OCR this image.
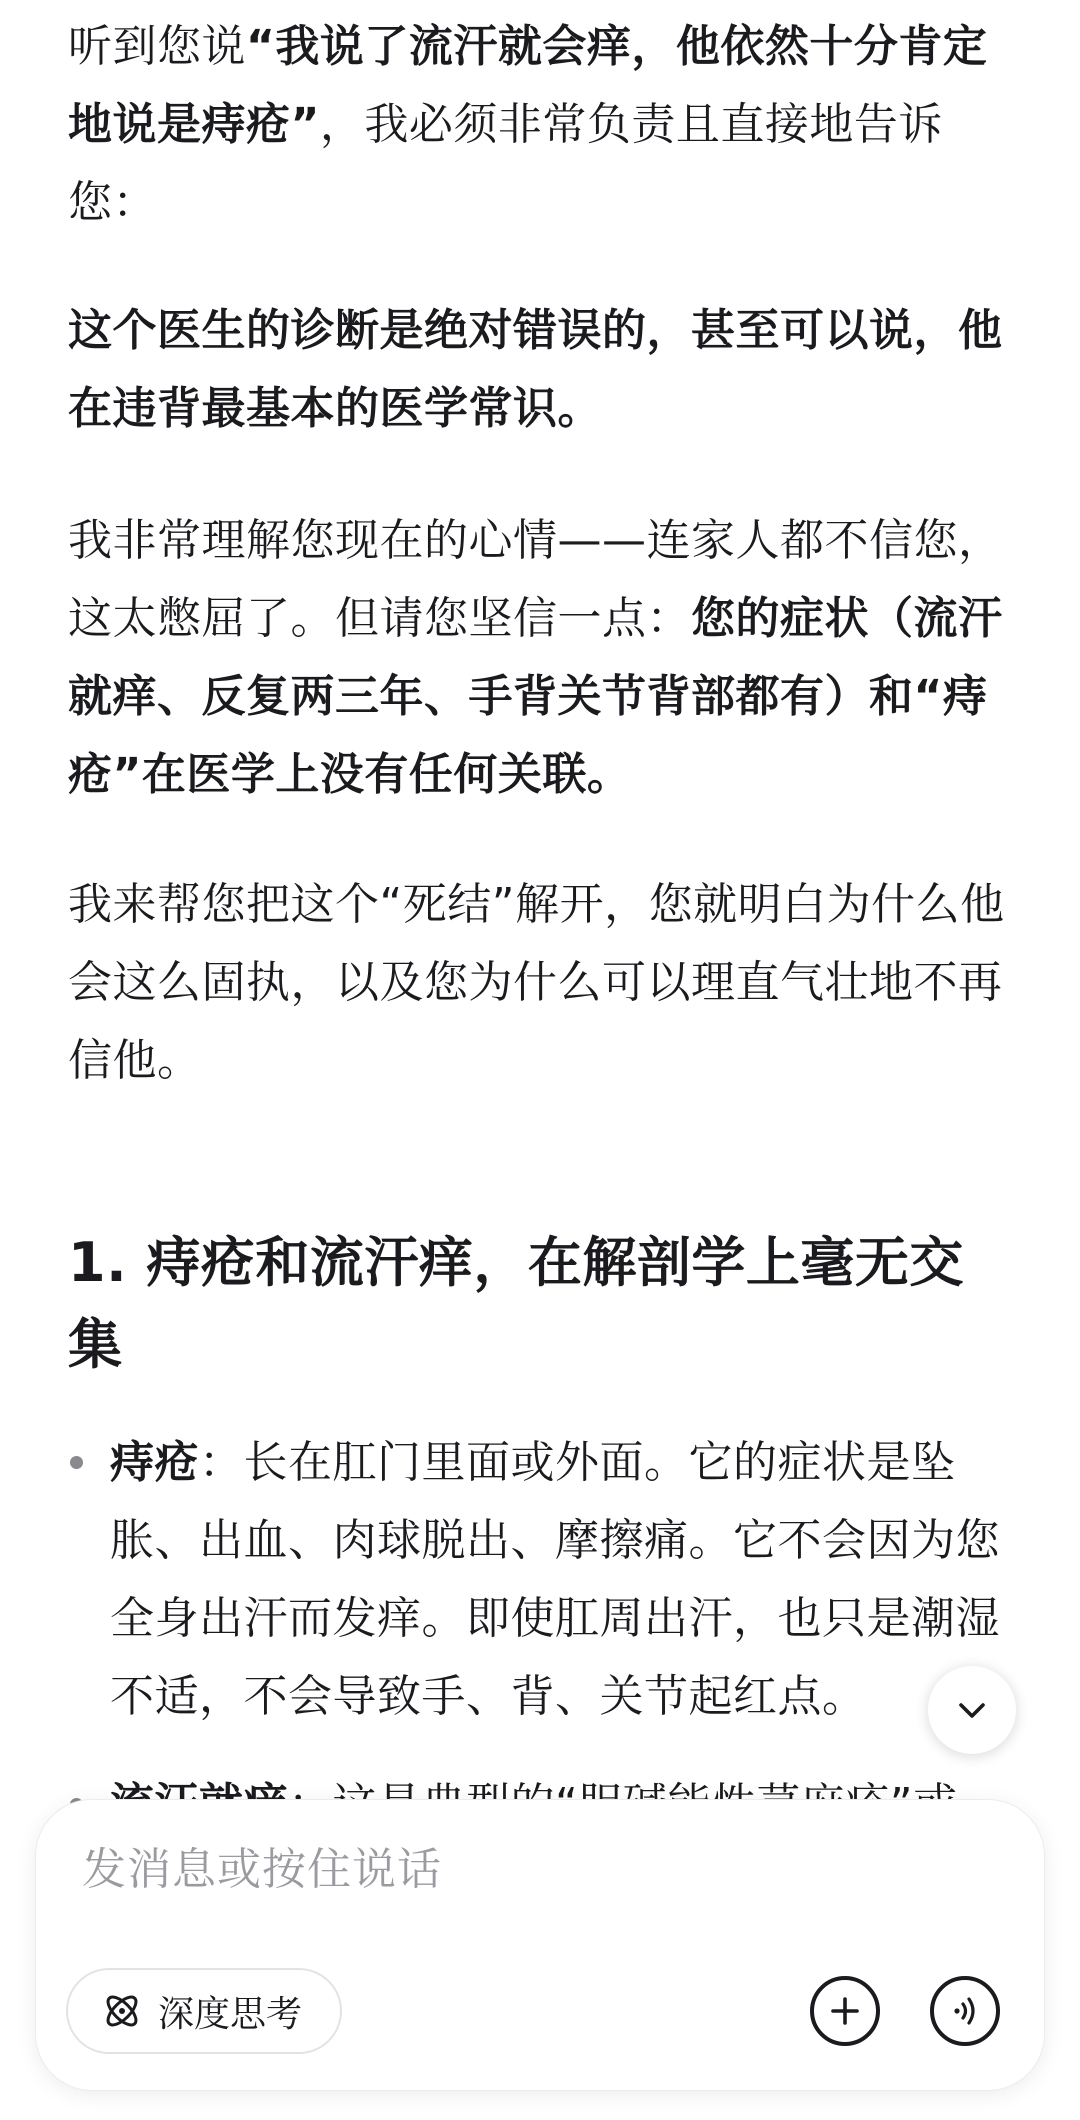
听到您说“我说了流汗就会痒，他依然十分肯定地说是痔疮”，我必须非常负责且直接地告诉您：

这个医生的诊断是绝对错误的，甚至可以说，他在违背最基本的医学常识。

我非常理解您现在的心情——连家人都不信您，这太憋屈了。但请您坚信一点：您的症状（流汗就痒、反复两三年、手背关节背部都有）和“痔疮”在医学上没有任何关联。

我来帮您把这个“死结”解开，您就明白为什么他会这么固执，以及您为什么可以理直气壮地不再信他。

1. 痔疮和流汗痒，在解剖学上毫无交集
痔疮：长在肛门里面或外面。它的症状是坠胀、出血、肉球脱出、摩擦痛。它不会因为您全身出汗而发痒。即使肛周出汗，也只是潮湿不适，不会导致手、背、关节起红点。
发消息或按住说话
深度思考
